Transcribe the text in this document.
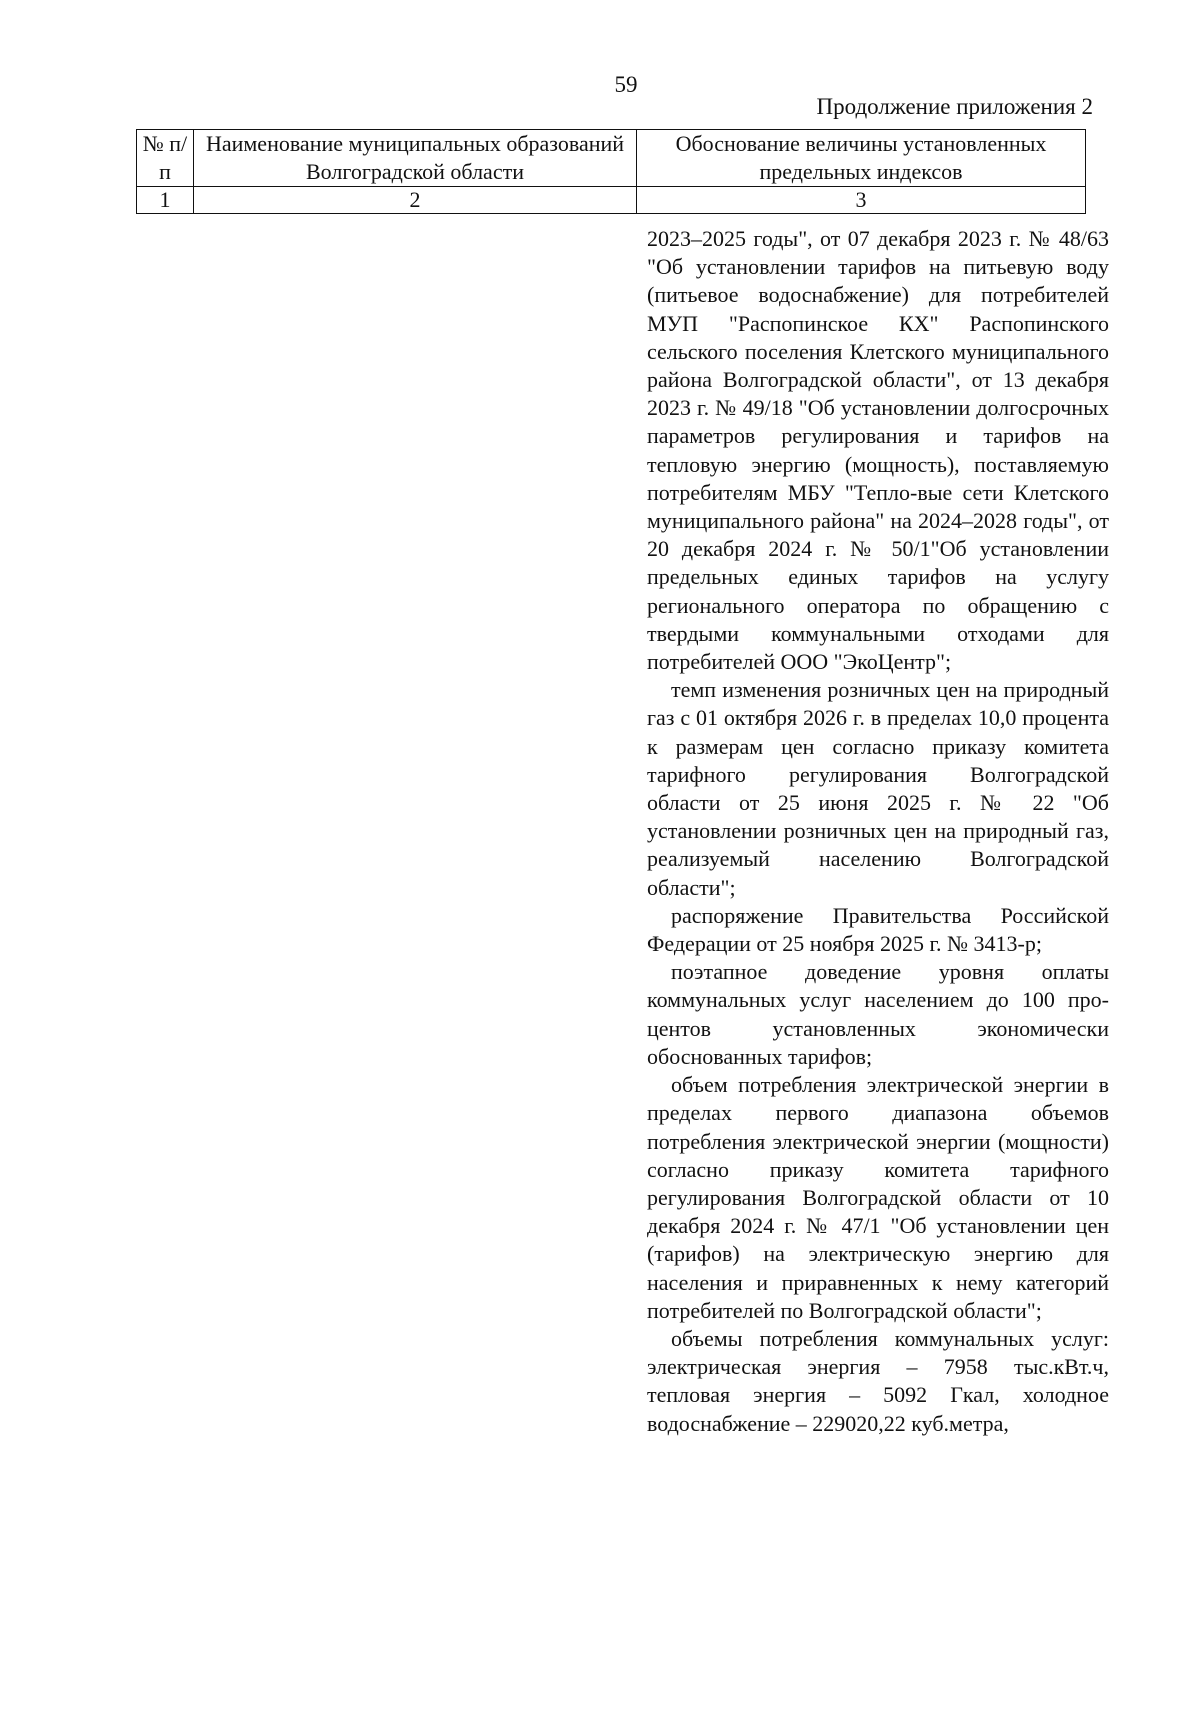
59
Продолжение приложения 2
№ п/п	Наименование муниципальных образований Волгоградской области	Обоснование величины установленных предельных индексов
1	2	3

2023–2025 годы", от 07 декабря 2023 г. № 48/63 "Об установлении тарифов на питьевую воду (питьевое водоснабжение) для потребителей МУП "Распопинское КХ" Распопинского сельского поселения Клетского муниципального района Волгоградской области", от 13 декабря 2023 г. № 49/18 "Об установлении долгосрочных параметров регулирования и тарифов на тепловую энергию (мощность), поставляемую потребителям МБУ "Тепло-вые сети Клетского муниципального района" на 2024–2028 годы", от 20 декабря 2024 г. № 50/1"Об установлении предельных единых тарифов на услугу регионального оператора по обращению с твердыми коммунальными отходами для потребителей ООО "ЭкоЦентр";

темп изменения розничных цен на природный газ с 01 октября 2026 г. в пределах 10,0 процента к размерам цен согласно приказу комитета тарифного регулирования Волгоградской области от 25 июня 2025 г. № 22 "Об установлении розничных цен на природный газ, реализуемый населению Волгоградской области";

распоряжение Правительства Российской Федерации от 25 ноября 2025 г. № 3413-р;

поэтапное доведение уровня оплаты коммунальных услуг населением до 100 про-центов установленных экономически обоснованных тарифов;

объем потребления электрической энергии в пределах первого диапазона объемов потребления электрической энергии (мощности) согласно приказу комитета тарифного регулирования Волгоградской области от 10 декабря 2024 г. № 47/1 "Об установлении цен (тарифов) на электрическую энергию для населения и приравненных к нему категорий потребителей по Волгоградской области";

объемы потребления коммунальных услуг: электрическая энергия – 7958 тыс.кВт.ч, тепловая энергия – 5092 Гкал, холодное водоснабжение – 229020,22 куб.метра,
